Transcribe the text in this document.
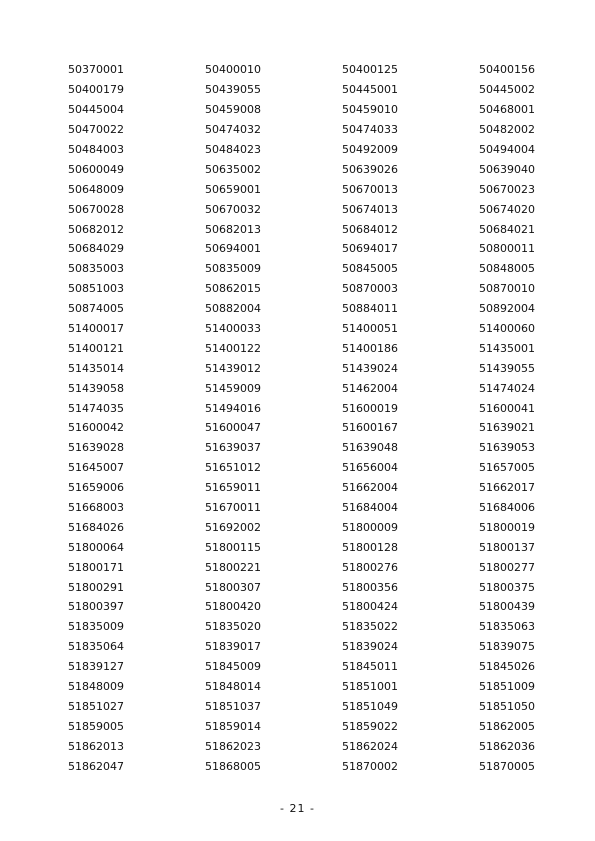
50370001	50400010	50400125	50400156
50400179	50439055	50445001	50445002
50445004	50459008	50459010	50468001
50470022	50474032	50474033	50482002
50484003	50484023	50492009	50494004
50600049	50635002	50639026	50639040
50648009	50659001	50670013	50670023
50670028	50670032	50674013	50674020
50682012	50682013	50684012	50684021
50684029	50694001	50694017	50800011
50835003	50835009	50845005	50848005
50851003	50862015	50870003	50870010
50874005	50882004	50884011	50892004
51400017	51400033	51400051	51400060
51400121	51400122	51400186	51435001
51435014	51439012	51439024	51439055
51439058	51459009	51462004	51474024
51474035	51494016	51600019	51600041
51600042	51600047	51600167	51639021
51639028	51639037	51639048	51639053
51645007	51651012	51656004	51657005
51659006	51659011	51662004	51662017
51668003	51670011	51684004	51684006
51684026	51692002	51800009	51800019
51800064	51800115	51800128	51800137
51800171	51800221	51800276	51800277
51800291	51800307	51800356	51800375
51800397	51800420	51800424	51800439
51835009	51835020	51835022	51835063
51835064	51839017	51839024	51839075
51839127	51845009	51845011	51845026
51848009	51848014	51851001	51851009
51851027	51851037	51851049	51851050
51859005	51859014	51859022	51862005
51862013	51862023	51862024	51862036
51862047	51868005	51870002	51870005
- 21 -
